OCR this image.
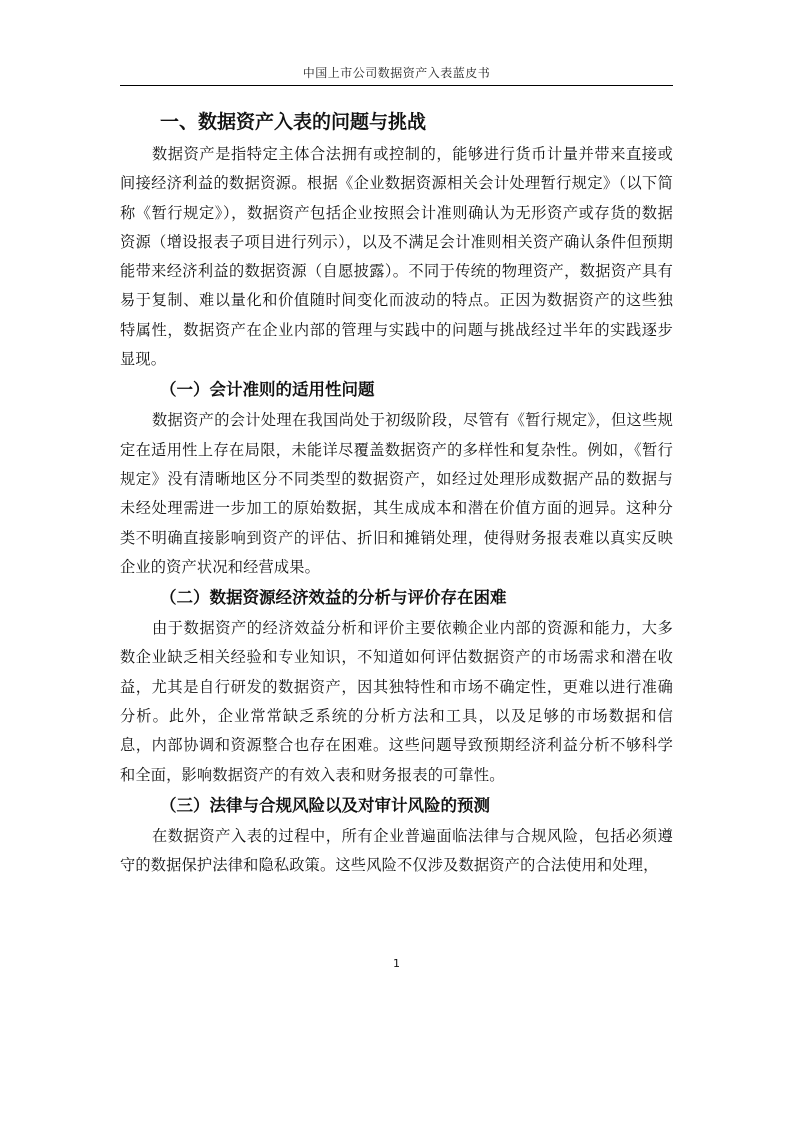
中国上市公司数据资产入表蓝皮书
一、数据资产入表的问题与挑战

数据资产是指特定主体合法拥有或控制的，能够进行货币计量并带来直接或间接经济利益的数据资源。根据《企业数据资源相关会计处理暂行规定》（以下简称《暂行规定》），数据资产包括企业按照会计准则确认为无形资产或存货的数据资源（增设报表子项目进行列示），以及不满足会计准则相关资产确认条件但预期能带来经济利益的数据资源（自愿披露）。不同于传统的物理资产，数据资产具有易于复制、难以量化和价值随时间变化而波动的特点。正因为数据资产的这些独特属性，数据资产在企业内部的管理与实践中的问题与挑战经过半年的实践逐步显现。

（一）会计准则的适用性问题

数据资产的会计处理在我国尚处于初级阶段，尽管有《暂行规定》，但这些规定在适用性上存在局限，未能详尽覆盖数据资产的多样性和复杂性。例如，《暂行规定》没有清晰地区分不同类型的数据资产，如经过处理形成数据产品的数据与未经处理需进一步加工的原始数据，其生成成本和潜在价值方面的迥异。这种分类不明确直接影响到资产的评估、折旧和摊销处理，使得财务报表难以真实反映企业的资产状况和经营成果。

（二）数据资源经济效益的分析与评价存在困难

由于数据资产的经济效益分析和评价主要依赖企业内部的资源和能力，大多数企业缺乏相关经验和专业知识，不知道如何评估数据资产的市场需求和潜在收益，尤其是自行研发的数据资产，因其独特性和市场不确定性，更难以进行准确分析。此外，企业常常缺乏系统的分析方法和工具，以及足够的市场数据和信息，内部协调和资源整合也存在困难。这些问题导致预期经济利益分析不够科学和全面，影响数据资产的有效入表和财务报表的可靠性。

（三）法律与合规风险以及对审计风险的预测

在数据资产入表的过程中，所有企业普遍面临法律与合规风险，包括必须遵守的数据保护法律和隐私政策。这些风险不仅涉及数据资产的合法使用和处理，

1
